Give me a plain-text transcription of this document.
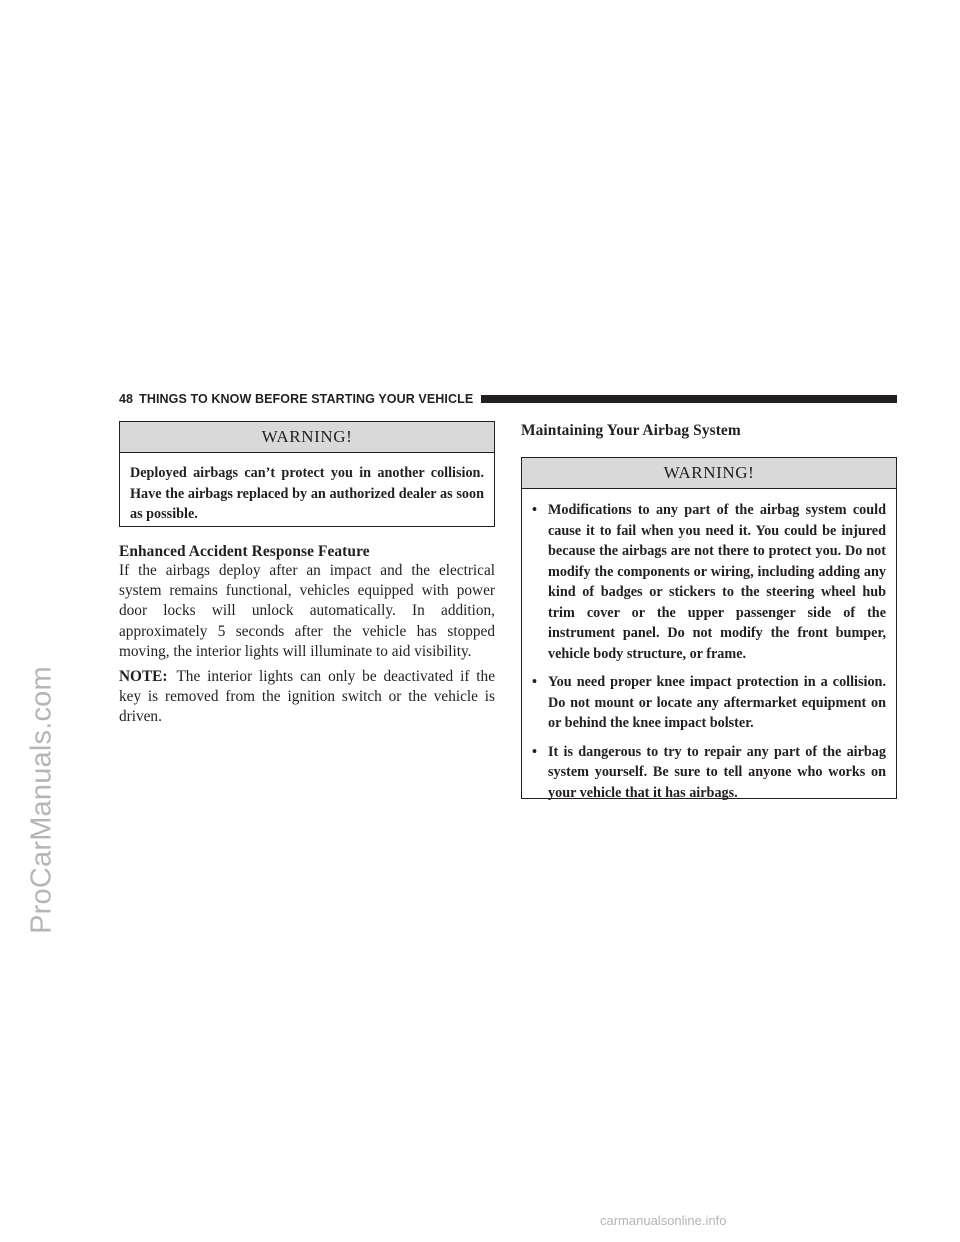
ProCarManuals.com
48 THINGS TO KNOW BEFORE STARTING YOUR VEHICLE
WARNING!
Deployed airbags can’t protect you in another collision. Have the airbags replaced by an authorized dealer as soon as possible.
Enhanced Accident Response Feature
If the airbags deploy after an impact and the electrical system remains functional, vehicles equipped with power door locks will unlock automatically. In addition, approximately 5 seconds after the vehicle has stopped moving, the interior lights will illuminate to aid visibility.
NOTE: The interior lights can only be deactivated if the key is removed from the ignition switch or the vehicle is driven.
Maintaining Your Airbag System
WARNING!
• Modifications to any part of the airbag system could cause it to fail when you need it. You could be injured because the airbags are not there to protect you. Do not modify the components or wiring, including adding any kind of badges or stickers to the steering wheel hub trim cover or the upper passenger side of the instrument panel. Do not modify the front bumper, vehicle body structure, or frame.
• You need proper knee impact protection in a collision. Do not mount or locate any aftermarket equipment on or behind the knee impact bolster.
• It is dangerous to try to repair any part of the airbag system yourself. Be sure to tell anyone who works on your vehicle that it has airbags.
carmanualsonline.info
